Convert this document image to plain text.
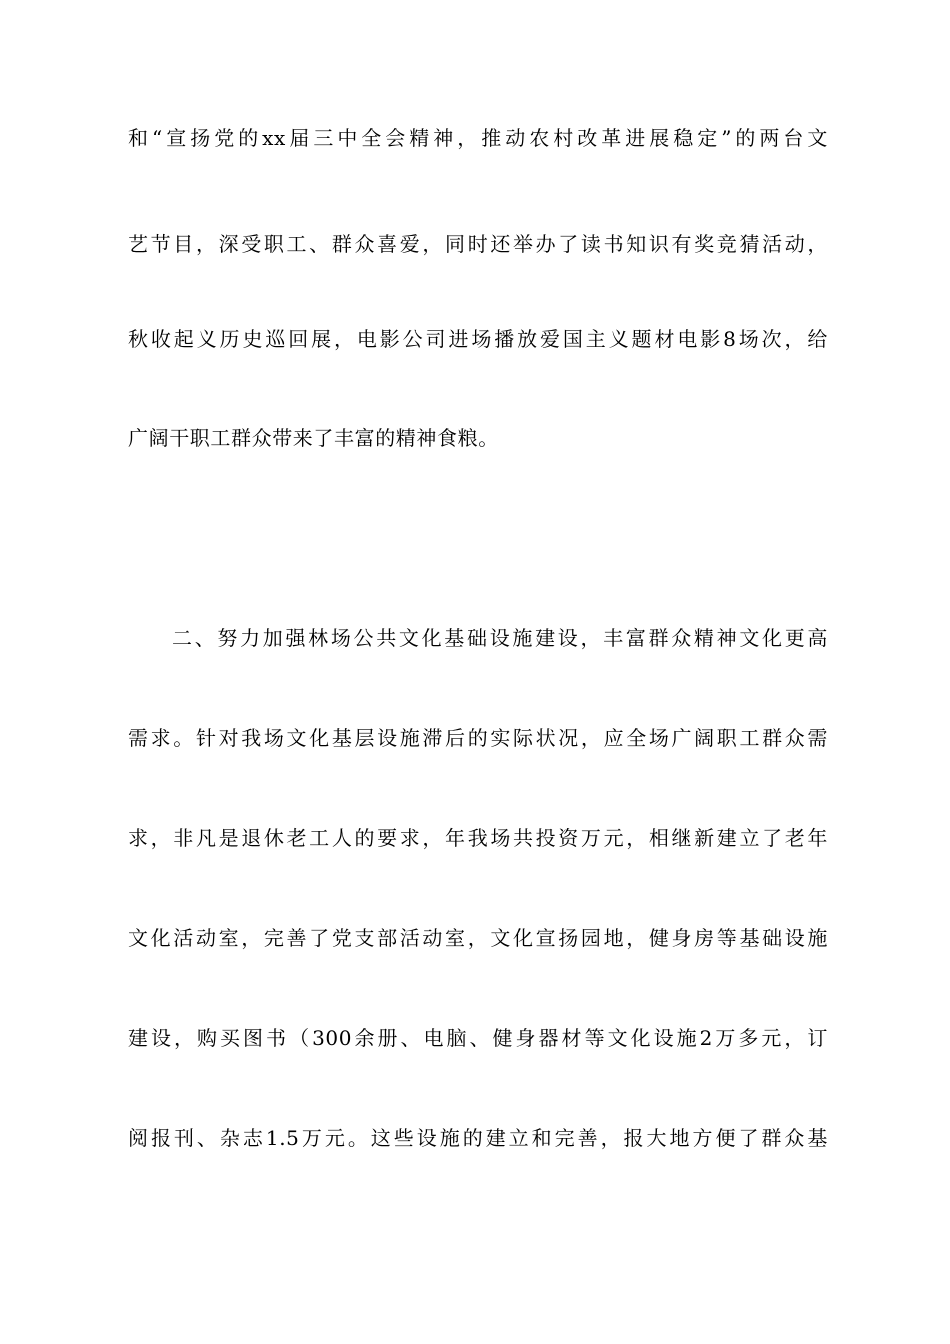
和“宣扬党的xx届三中全会精神，推动农村改革进展稳定”的两台文
艺节目，深受职工、群众喜爱，同时还举办了读书知识有奖竞猜活动，
秋收起义历史巡回展，电影公司进场播放爱国主义题材电影8场次，给
广阔干职工群众带来了丰富的精神食粮。
二、努力加强林场公共文化基础设施建设，丰富群众精神文化更高
需求。针对我场文化基层设施滞后的实际状况，应全场广阔职工群众需
求，非凡是退休老工人的要求，年我场共投资万元，相继新建立了老年
文化活动室，完善了党支部活动室，文化宣扬园地，健身房等基础设施
建设，购买图书（300余册、电脑、健身器材等文化设施2万多元，订
阅报刊、杂志1.5万元。这些设施的建立和完善，报大地方便了群众基
